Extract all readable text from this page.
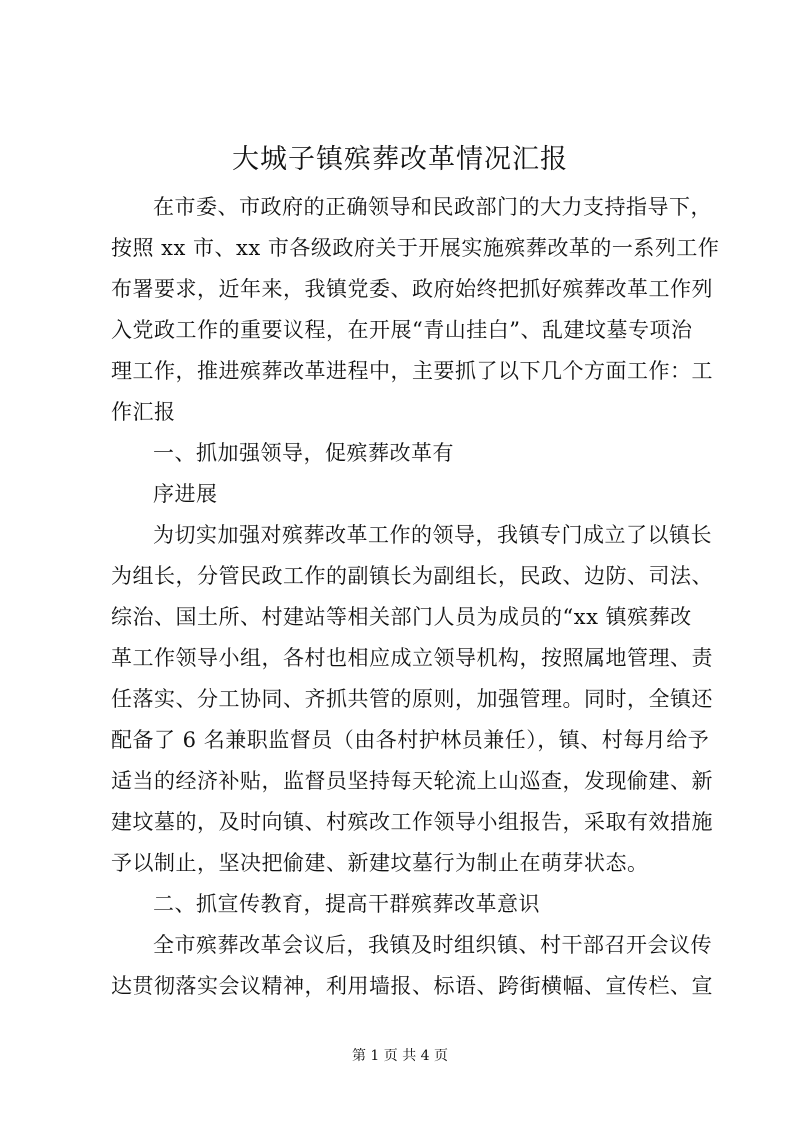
大城子镇殡葬改革情况汇报
在市委、市政府的正确领导和民政部门的大力支持指导下，
按照 xx 市、xx 市各级政府关于开展实施殡葬改革的一系列工作
布署要求，近年来，我镇党委、政府始终把抓好殡葬改革工作列
入党政工作的重要议程，在开展“青山挂白”、乱建坟墓专项治
理工作，推进殡葬改革进程中，主要抓了以下几个方面工作：工
作汇报
一、抓加强领导，促殡葬改革有
序进展
为切实加强对殡葬改革工作的领导，我镇专门成立了以镇长
为组长，分管民政工作的副镇长为副组长，民政、边防、司法、
综治、国土所、村建站等相关部门人员为成员的“xx 镇殡葬改
革工作领导小组，各村也相应成立领导机构，按照属地管理、责
任落实、分工协同、齐抓共管的原则，加强管理。同时，全镇还
配备了 6 名兼职监督员（由各村护林员兼任），镇、村每月给予
适当的经济补贴，监督员坚持每天轮流上山巡查，发现偷建、新
建坟墓的，及时向镇、村殡改工作领导小组报告，采取有效措施
予以制止，坚决把偷建、新建坟墓行为制止在萌芽状态。
二、抓宣传教育，提高干群殡葬改革意识
全市殡葬改革会议后，我镇及时组织镇、村干部召开会议传
达贯彻落实会议精神，利用墙报、标语、跨街横幅、宣传栏、宣
第 1 页 共 4 页
